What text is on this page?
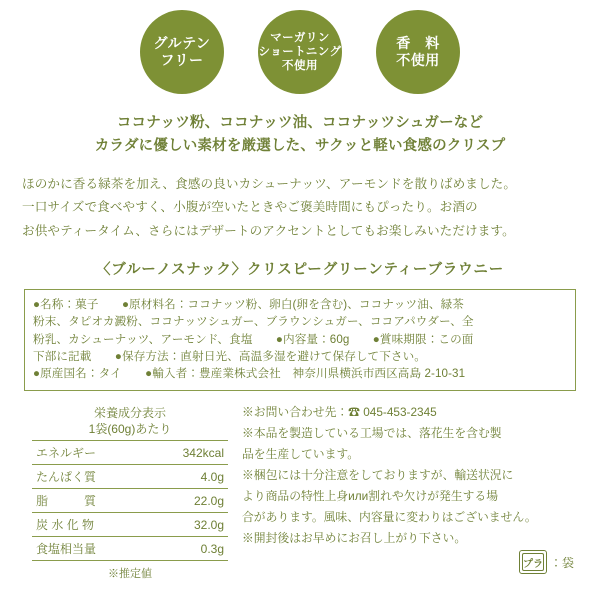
グルテン
フリー
マーガリン
ショートニング
不使用
香　料
不使用
ココナッツ粉、ココナッツ油、ココナッツシュガーなど
カラダに優しい素材を厳選した、サクッと軽い食感のクリスプ
ほのかに香る緑茶を加え、食感の良いカシューナッツ、アーモンドを散りばめました。
一口サイズで食べやすく、小腹が空いたときやご褒美時間にもぴったり。お酒の
お供やティータイム、さらにはデザートのアクセントとしてもお楽しみいただけます。
〈ブルーノスナック〉クリスピーグリーンティーブラウニー
●名称：菓子　　●原材料名：ココナッツ粉、卵白(卵を含む)、ココナッツ油、緑茶
粉末、タピオカ澱粉、ココナッツシュガー、ブラウンシュガー、ココアパウダー、全
粉乳、カシューナッツ、アーモンド、食塩　　●内容量：60g　　●賞味期限：この面
下部に記載　　●保存方法：直射日光、高温多湿を避けて保存して下さい。
●原産国名：タイ　　●輸入者：豊産業株式会社　神奈川県横浜市西区高島 2-10-31
栄養成分表示
1袋(60g)あたり	

エネルギー	342kcal
たんぱく質	4.0g
脂　　　質	22.0g
炭 水 化 物	32.0g
食塩相当量	0.3g
※推定値

※お問い合わせ先：☎ 045-453-2345

※本品を製造している工場では、落花生を含む製

品を生産しています。

※梱包には十分注意をしておりますが、輸送状況に

より商品の特性上身или割れや欠けが発生する場

合があります。風味、内容量に変わりはございません。

※開封後はお早めにお召し上がり下さい。

プラ ：袋
